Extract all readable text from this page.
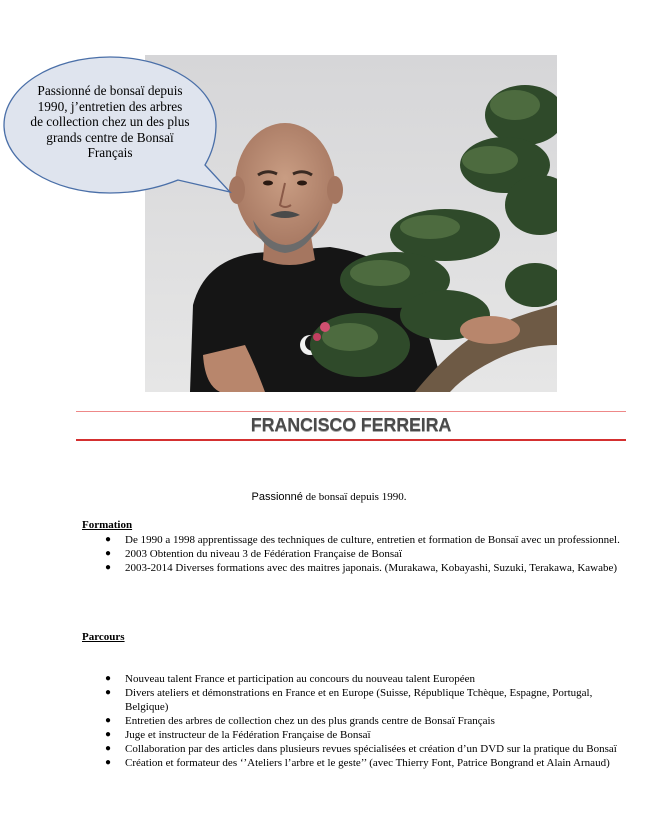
Passionné de bonsaï depuis 1990, j’entretien des arbres de collection chez un des plus grands centre de Bonsaï Français
FRANCISCO FERREIRA
Passionné de bonsaï depuis 1990.
Formation
● De 1990 a 1998 apprentissage des techniques de culture, entretien et formation de Bonsaï avec un professionnel.
● 2003 Obtention du niveau 3 de Fédération Française de Bonsaï
● 2003-2014 Diverses formations avec des maitres japonais. (Murakawa, Kobayashi, Suzuki, Terakawa, Kawabe)
Parcours
● Nouveau talent France et participation au concours du nouveau talent Européen
● Divers ateliers et démonstrations en France et en Europe (Suisse, République Tchèque, Espagne, Portugal, Belgique)
● Entretien des arbres de collection chez un des plus grands centre de Bonsaï Français
● Juge et instructeur de la Fédération Française de Bonsaï
● Collaboration par des articles dans plusieurs revues spécialisées et création d’un DVD sur la pratique du Bonsaï
● Création et formateur des ‘’Ateliers l’arbre et le geste’’ (avec Thierry Font, Patrice Bongrand et Alain Arnaud)
